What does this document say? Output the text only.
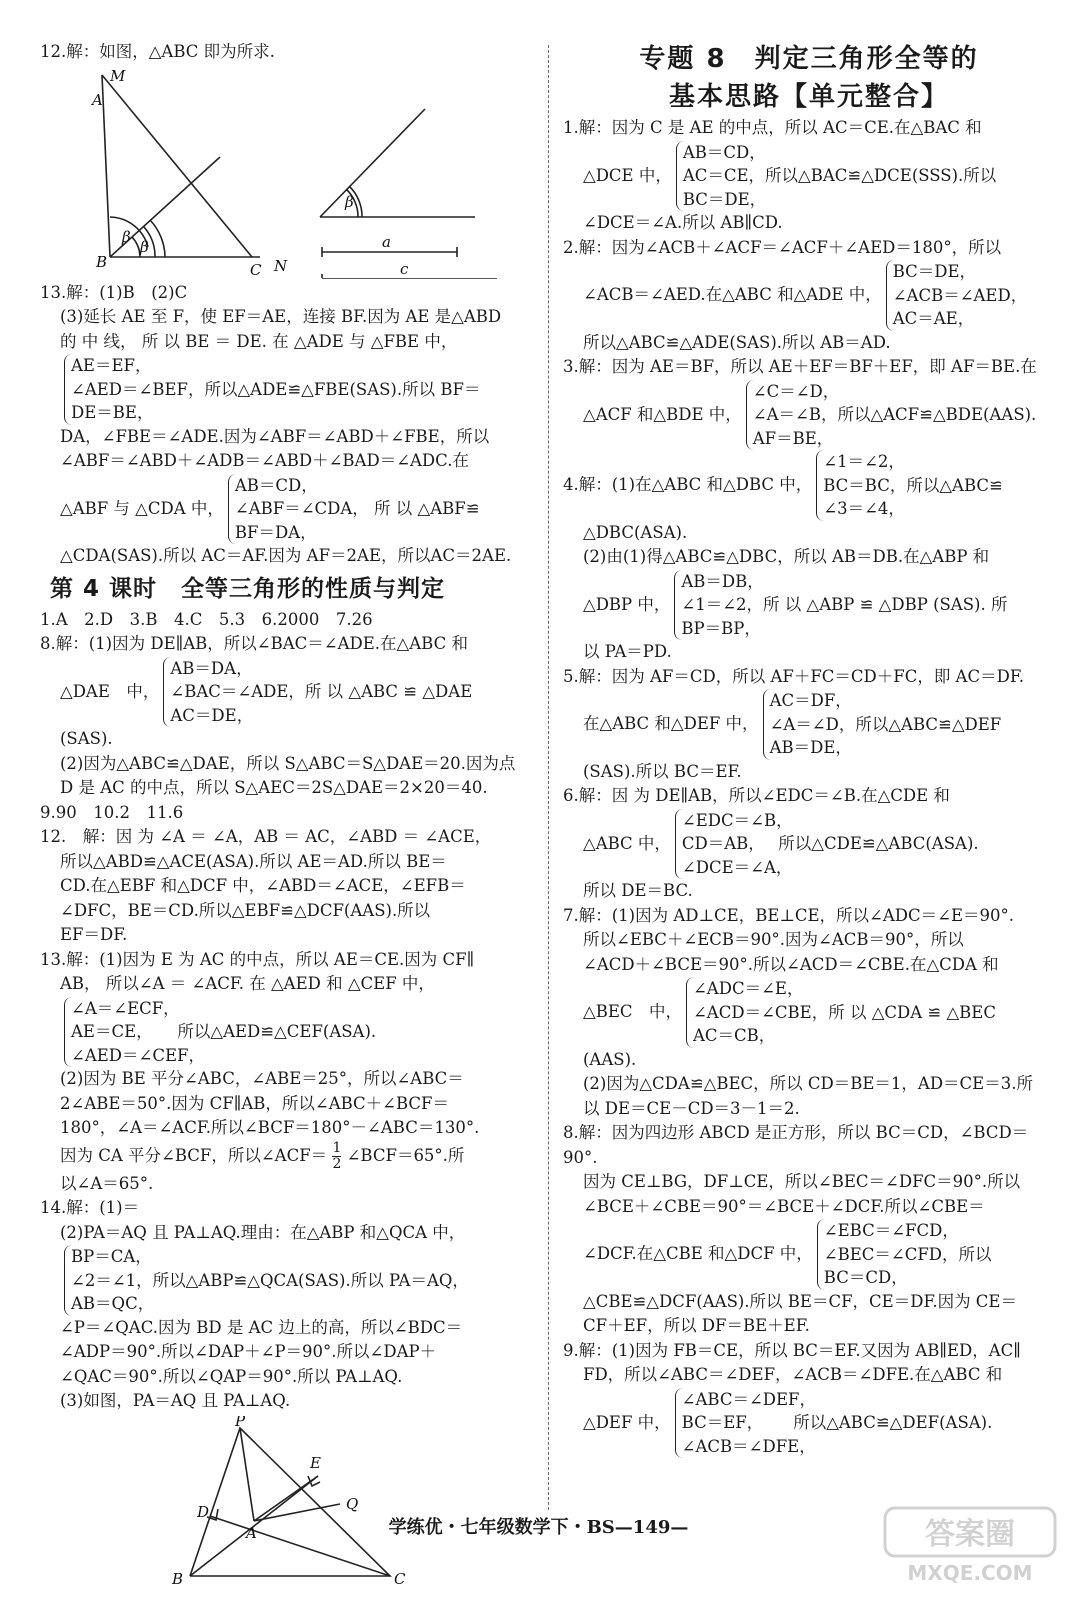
12.解：如图，△ABC 即为所求.

M
A
B	C N
β
β
β
a
c

13.解：(1)B　(2)C

(3)延长 AE 至 F，使 EF＝AE，连接 BF.因为 AE 是△ABD

的 中 线， 所 以 BE ＝ DE. 在 △ADE 与 △FBE 中，

AE＝EF，

∠AED＝∠BEF，所以△ADE≌△FBE(SAS).所以 BF＝

DE＝BE，

DA，∠FBE＝∠ADE.因为∠ABF＝∠ABD＋∠FBE，所以

∠ABF＝∠ABD＋∠ADB＝∠ABD＋∠BAD＝∠ADC.在

△ABF 与 △CDA 中，

AB＝CD，

∠ABF＝∠CDA， 所 以 △ABF≌

BF＝DA，

△CDA(SAS).所以 AC＝AF.因为 AF＝2AE，所以AC＝2AE.

第 4 课时　全等三角形的性质与判定

1.A　2.D　3.B　4.C　5.3　6.2000　7.26

8.解：(1)因为 DE∥AB，所以∠BAC＝∠ADE.在△ABC 和

△DAE　中，

AB＝DA，

∠BAC＝∠ADE，所 以 △ABC ≌ △DAE

AC＝DE，

(SAS).

(2)因为△ABC≌△DAE，所以 S△ABC＝S△DAE＝20.因为点

D 是 AC 的中点，所以 S△AEC＝2S△DAE＝2×20＝40.

9.90　10.2　11.6

12.　解：因 为 ∠A ＝ ∠A，AB ＝ AC，∠ABD ＝ ∠ACE，

所以△ABD≌△ACE(ASA).所以 AE＝AD.所以 BE＝

CD.在△EBF 和△DCF 中，∠ABD＝∠ACE，∠EFB＝

∠DFC，BE＝CD.所以△EBF≌△DCF(AAS).所以

EF＝DF.

13.解：(1)因为 E 为 AC 的中点，所以 AE＝CE.因为 CF∥

AB， 所以∠A ＝ ∠ACF. 在 △AED 和 △CEF 中，

∠A＝∠ECF，

AE＝CE，　　所以△AED≌△CEF(ASA).

∠AED＝∠CEF，

(2)因为 BE 平分∠ABC，∠ABE＝25°，所以∠ABC＝

2∠ABE＝50°.因为 CF∥AB，所以∠ABC＋∠BCF＝

180°，∠A＝∠ACF.所以∠BCF＝180°－∠ABC＝130°.

因为 CA 平分∠BCF，所以∠ACF＝ $\frac{1}{2}$ ∠BCF＝65°.所

以∠A＝65°.

14.解：(1)＝

(2)PA＝AQ 且 PA⊥AQ.理由：在△ABP 和△QCA 中，

BP＝CA，

∠2＝∠1，所以△ABP≌△QCA(SAS).所以 PA＝AQ，

AB＝QC，

∠P＝∠QAC.因为 BD 是 AC 边上的高，所以∠BDC＝

∠ADP＝90°.所以∠DAP＋∠P＝90°.所以∠DAP＋

∠QAC＝90°.所以∠QAP＝90°.所以 PA⊥AQ.

(3)如图，PA＝AQ 且 PA⊥AQ.

P
E
D	Q
A
B	C
专题 8　判定三角形全等的
基本思路【单元整合】

1.解：因为 C 是 AE 的中点，所以 AC＝CE.在△BAC 和

△DCE 中，

AB＝CD，

AC＝CE，所以△BAC≌△DCE(SSS).所以

BC＝DE，

∠DCE＝∠A.所以 AB∥CD.

2.解：因为∠ACB＋∠ACF＝∠ACF＋∠AED＝180°，所以

∠ACB＝∠AED.在△ABC 和△ADE 中，

BC＝DE，

∠ACB＝∠AED，

AC＝AE，

所以△ABC≌△ADE(SAS).所以 AB＝AD.

3.解：因为 AE＝BF，所以 AE＋EF＝BF＋EF，即 AF＝BE.在

△ACF 和△BDE 中，

∠C＝∠D，

∠A＝∠B，所以△ACF≌△BDE(AAS).

AF＝BE，

4.解：(1)在△ABC 和△DBC 中，

∠1＝∠2，

BC＝BC，所以△ABC≌

∠3＝∠4，

△DBC(ASA).

(2)由(1)得△ABC≌△DBC，所以 AB＝DB.在△ABP 和

△DBP 中，

AB＝DB，

∠1＝∠2，所 以 △ABP ≌ △DBP (SAS). 所

BP＝BP，

以 PA＝PD.

5.解：因为 AF＝CD，所以 AF＋FC＝CD＋FC，即 AC＝DF.

在△ABC 和△DEF 中，

AC＝DF，

∠A＝∠D，所以△ABC≌△DEF

AB＝DE，

(SAS).所以 BC＝EF.

6.解：因 为 DE∥AB，所以∠EDC＝∠B.在△CDE 和

△ABC 中，

∠EDC＝∠B，

CD＝AB，　 所以△CDE≌△ABC(ASA).

∠DCE＝∠A，

所以 DE＝BC.

7.解：(1)因为 AD⊥CE，BE⊥CE，所以∠ADC＝∠E＝90°.

所以∠EBC＋∠ECB＝90°.因为∠ACB＝90°，所以

∠ACD＋∠BCE＝90°.所以∠ACD＝∠CBE.在△CDA 和

△BEC　中，

∠ADC＝∠E，

∠ACD＝∠CBE，所 以 △CDA ≌ △BEC

AC＝CB，

(AAS).

(2)因为△CDA≌△BEC，所以 CD＝BE＝1，AD＝CE＝3.所

以 DE＝CE－CD＝3－1＝2.

8.解：因为四边形 ABCD 是正方形，所以 BC＝CD，∠BCD＝90°.

因为 CE⊥BG，DF⊥CE，所以∠BEC＝∠DFC＝90°.所以

∠BCE＋∠CBE＝90°＝∠BCE＋∠DCF.所以∠CBE＝

∠DCF.在△CBE 和△DCF 中，

∠EBC＝∠FCD，

∠BEC＝∠CFD，所以

BC＝CD，

△CBE≌△DCF(AAS).所以 BE＝CF，CE＝DF.因为 CE＝

CF＋EF，所以 DF＝BE＋EF.

9.解：(1)因为 FB＝CE，所以 BC＝EF.又因为 AB∥ED，AC∥

FD，所以∠ABC＝∠DEF，∠ACB＝∠DFE.在△ABC 和

△DEF 中，

∠ABC＝∠DEF，

BC＝EF，　　 所以△ABC≌△DEF(ASA).

∠ACB＝∠DFE，

学练优・七年级数学下・BS—149—	答案圈
MXQE.COM
